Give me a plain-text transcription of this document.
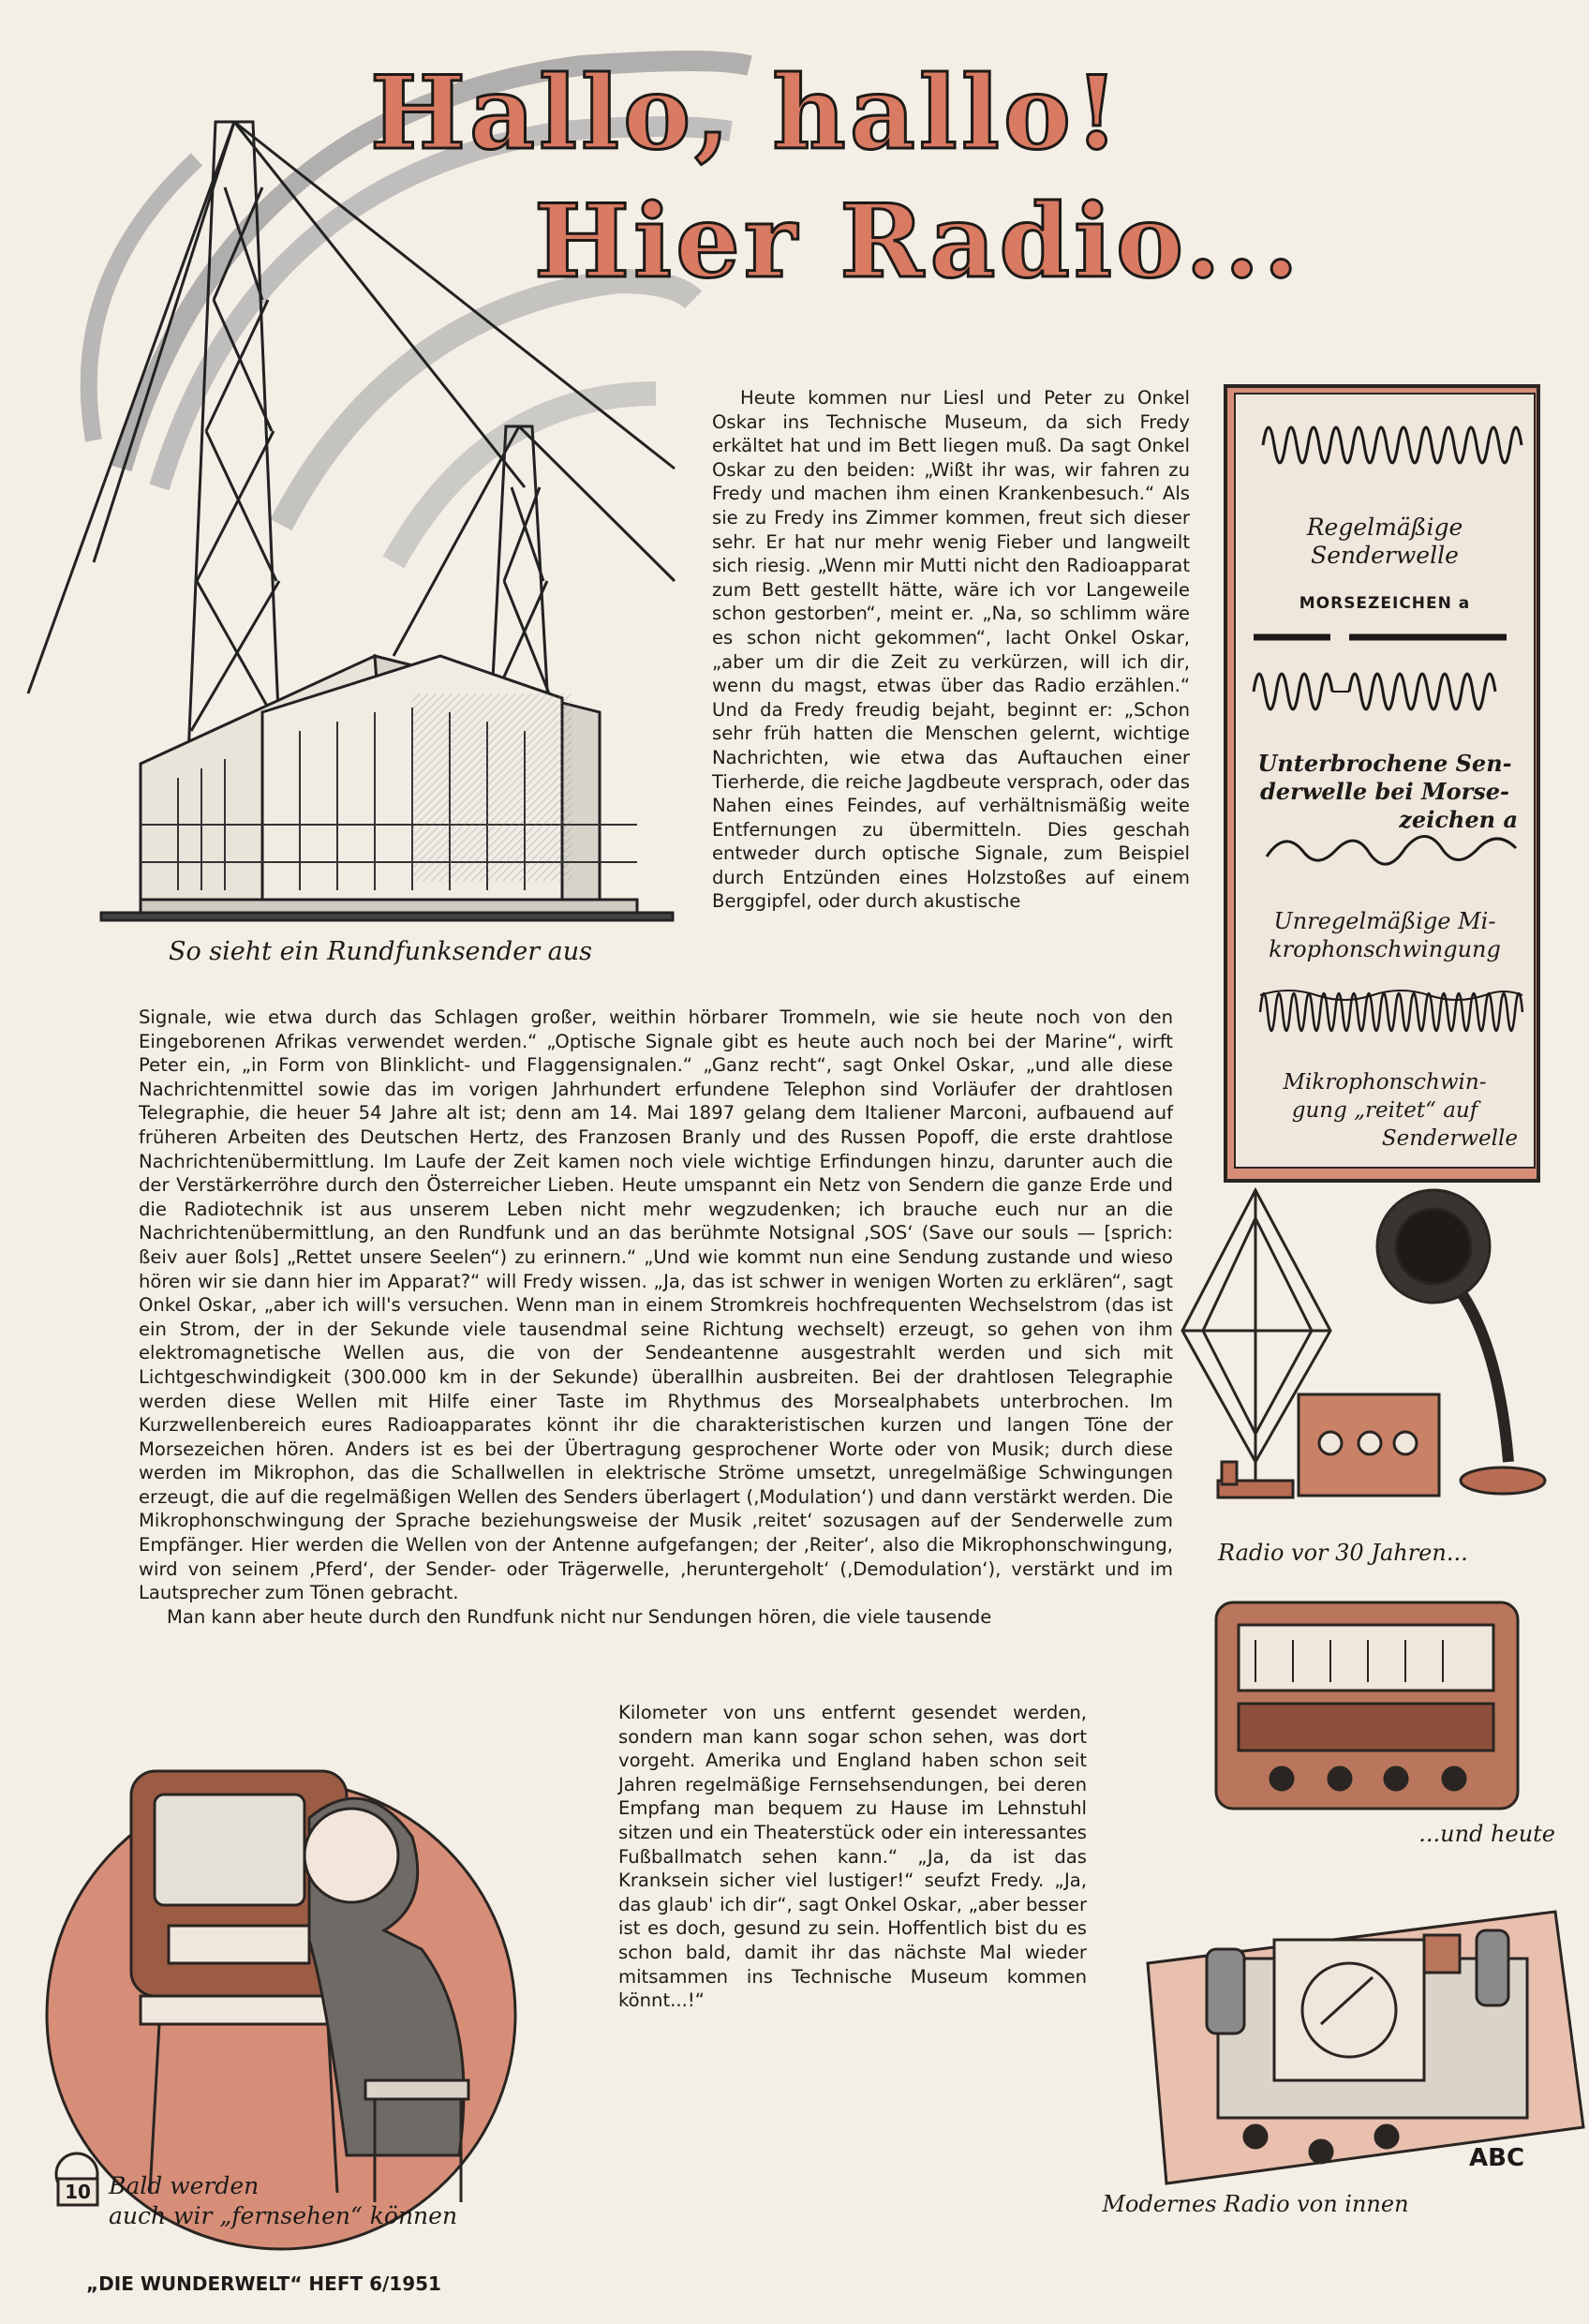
Hallo, hallo!
Hier Radio...

Heute kommen nur Liesl und Peter zu Onkel Oskar ins Technische Museum, da sich Fredy erkältet hat und im Bett liegen muß. Da sagt Onkel Oskar zu den beiden: „Wißt ihr was, wir fahren zu Fredy und machen ihm einen Krankenbesuch.“ Als sie zu Fredy ins Zimmer kommen, freut sich dieser sehr. Er hat nur mehr wenig Fieber und langweilt sich riesig. „Wenn mir Mutti nicht den Radioapparat zum Bett gestellt hätte, wäre ich vor Langeweile schon gestorben“, meint er. „Na, so schlimm wäre es schon nicht gekommen“, lacht Onkel Oskar, „aber um dir die Zeit zu verkürzen, will ich dir, wenn du magst, etwas über das Radio erzählen.“ Und da Fredy freudig bejaht, beginnt er: „Schon sehr früh hatten die Menschen gelernt, wichtige Nachrichten, wie etwa das Auftauchen einer Tierherde, die reiche Jagdbeute versprach, oder das Nahen eines Feindes, auf verhältnismäßig weite Entfernungen zu übermitteln. Dies geschah entweder durch optische Signale, zum Beispiel durch Entzünden eines Holzstoßes auf einem Berggipfel, oder durch akustische

Signale, wie etwa durch das Schlagen großer, weithin hörbarer Trommeln, wie sie heute noch von den Eingeborenen Afrikas verwendet werden.“ „Optische Signale gibt es heute auch noch bei der Marine“, wirft Peter ein, „in Form von Blinklicht- und Flaggensignalen.“ „Ganz recht“, sagt Onkel Oskar, „und alle diese Nachrichtenmittel sowie das im vorigen Jahrhundert erfundene Telephon sind Vorläufer der drahtlosen Telegraphie, die heuer 54 Jahre alt ist; denn am 14. Mai 1897 gelang dem Italiener Marconi, aufbauend auf früheren Arbeiten des Deutschen Hertz, des Franzosen Branly und des Russen Popoff, die erste drahtlose Nachrichtenübermittlung. Im Laufe der Zeit kamen noch viele wichtige Erfindungen hinzu, darunter auch die der Verstärkerröhre durch den Österreicher Lieben. Heute umspannt ein Netz von Sendern die ganze Erde und die Radiotechnik ist aus unserem Leben nicht mehr wegzudenken; ich brauche euch nur an die Nachrichtenübermittlung, an den Rundfunk und an das berühmte Notsignal ‚SOS‘ (Save our souls — [sprich: ßeiv auer ßols] „Rettet unsere Seelen“) zu erinnern.“ „Und wie kommt nun eine Sendung zustande und wieso hören wir sie dann hier im Apparat?“ will Fredy wissen. „Ja, das ist schwer in wenigen Worten zu erklären“, sagt Onkel Oskar, „aber ich will's versuchen. Wenn man in einem Stromkreis hochfrequenten Wechselstrom (das ist ein Strom, der in der Sekunde viele tausendmal seine Richtung wechselt) erzeugt, so gehen von ihm elektromagnetische Wellen aus, die von der Sendeantenne ausgestrahlt werden und sich mit Lichtgeschwindigkeit (300.000 km in der Sekunde) überallhin ausbreiten. Bei der drahtlosen Telegraphie werden diese Wellen mit Hilfe einer Taste im Rhythmus des Morsealphabets unterbrochen. Im Kurzwellenbereich eures Radioapparates könnt ihr die charakteristischen kurzen und langen Töne der Morsezeichen hören. Anders ist es bei der Übertragung gesprochener Worte oder von Musik; durch diese werden im Mikrophon, das die Schallwellen in elektrische Ströme umsetzt, unregelmäßige Schwingungen erzeugt, die auf die regelmäßigen Wellen des Senders überlagert (‚Modulation‘) und dann verstärkt werden. Die Mikrophonschwingung der Sprache beziehungsweise der Musik ‚reitet‘ sozusagen auf der Senderwelle zum Empfänger. Hier werden die Wellen von der Antenne aufgefangen; der ‚Reiter‘, also die Mikrophonschwingung, wird von seinem ‚Pferd‘, der Sender- oder Trägerwelle, ‚heruntergeholt‘ (‚Demodulation‘), verstärkt und im Lautsprecher zum Tönen gebracht.

Man kann aber heute durch den Rundfunk nicht nur Sendungen hören, die viele tausende

Kilometer von uns entfernt gesendet werden, sondern man kann sogar schon sehen, was dort vorgeht. Amerika und England haben schon seit Jahren regelmäßige Fernsehsendungen, bei deren Empfang man bequem zu Hause im Lehnstuhl sitzen und ein Theaterstück oder ein interessantes Fußballmatch sehen kann.“ „Ja, da ist das Kranksein sicher viel lustiger!“ seufzt Fredy. „Ja, das glaub' ich dir“, sagt Onkel Oskar, „aber besser ist es doch, gesund zu sein. Hoffentlich bist du es schon bald, damit ihr das nächste Mal wieder mitsammen ins Technische Museum kommen könnt...!“

Regelmäßige
Senderwelle
MORSEZEICHEN a
Unterbrochene Sen-
derwelle bei Morse-
zeichen a
Unregelmäßige Mi-
krophonschwingung
Mikrophonschwin-
gung „reitet“ auf
Senderwelle
So sieht ein Rundfunksender aus
Radio vor 30 Jahren...
...und heute
ABC
Modernes Radio von innen
Bald werden
auch wir „fernsehen“ können
10
„DIE WUNDERWELT“ HEFT 6/1951
